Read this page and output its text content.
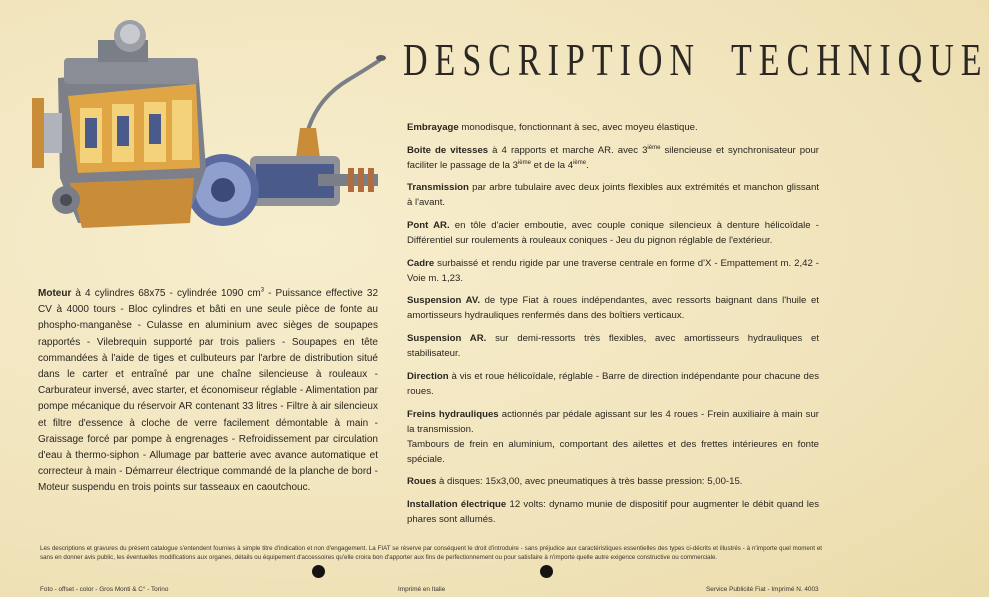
DESCRIPTION TECHNIQUE
Moteur à 4 cylindres 68x75 - cylindrée 1090 $cm^3$ - Puissance effective 32 CV à 4000 tours - Bloc cylindres et bâti en une seule pièce de fonte au phospho-manganèse - Culasse en aluminium avec sièges de soupapes rapportés - Vilebrequin supporté par trois paliers - Soupapes en tête commandées à l'aide de tiges et culbuteurs par l'arbre de distribution situé dans le carter et entraîné par une chaîne silencieuse à rouleaux - Carburateur inversé, avec starter, et économiseur réglable - Alimentation par pompe mécanique du réservoir AR contenant 33 litres - Filtre à air silencieux et filtre d'essence à cloche de verre facilement démontable à main - Graissage forcé par pompe à engrenages - Refroidissement par circulation d'eau à thermo-siphon - Allumage par batterie avec avance automatique et correcteur à main - Démarreur électrique commandé de la planche de bord - Moteur suspendu en trois points sur tasseaux en caoutchouc.
Embrayage monodisque, fonctionnant à sec, avec moyeu élastique.
Boite de vitesses à 4 rapports et marche AR. avec 3ième silencieuse et synchronisateur pour faciliter le passage de la 3ième et de la 4ième.
Transmission par arbre tubulaire avec deux joints flexibles aux extrémités et manchon glissant à l'avant.
Pont AR. en tôle d'acier emboutie, avec couple conique silencieux à denture hélicoïdale - Différentiel sur roulements à rouleaux coniques - Jeu du pignon réglable de l'extérieur.
Cadre surbaissé et rendu rigide par une traverse centrale en forme d'X - Empattement m. 2,42 - Voie m. 1,23.
Suspension AV. de type Fiat à roues indépendantes, avec ressorts baignant dans l'huile et amortisseurs hydrauliques renfermés dans des boîtiers verticaux.
Suspension AR. sur demi-ressorts très flexibles, avec amortisseurs hydrauliques et stabilisateur.
Direction à vis et roue hélicoïdale, réglable - Barre de direction indépendante pour chacune des roues.
Freins hydrauliques actionnés par pédale agissant sur les 4 roues - Frein auxiliaire à main sur la transmission.
Tambours de frein en aluminium, comportant des ailettes et des frettes intérieures en fonte spéciale.
Roues à disques: 15x3,00, avec pneumatiques à très basse pression: 5,00-15.
Installation électrique 12 volts: dynamo munie de dispositif pour augmenter le débit quand les phares sont allumés.
Les descriptions et gravures du présent catalogue s'entendent fournies à simple titre d'indication et non d'engagement. La FIAT se réserve par conséquent le droit d'introduire - sans préjudice aux caractéristiques essentielles des types ci-décrits et illustrés - à n'importe quel moment et sans en donner avis public, les éventuelles modifications aux organes, détails ou équipement d'accessoires qu'elle croira bon d'apporter aux fins de perfectionnement ou pour satisfaire à n'importe quelle autre exigence constructive ou commerciale.
Foto - offset - color - Gros Monti & C° - Torino	Imprimé en Italie	Service Publicité Fiat - Imprimé N. 4003
